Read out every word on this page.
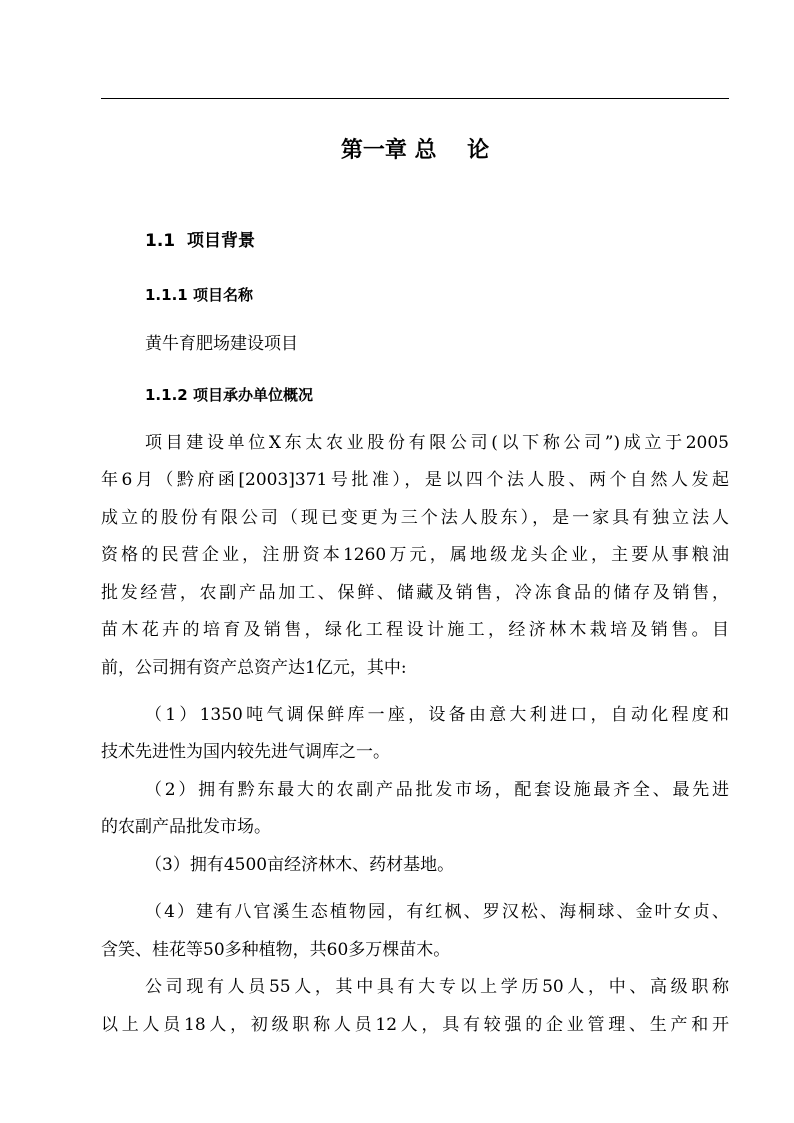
第一章 总    论
1.1 项目背景
1.1.1 项目名称
黄牛育肥场建设项目
1.1.2 项目承办单位概况
项目建设单位X东太农业股份有限公司(以下称公司”)成立于2005
年6月（黔府函[2003]371号批准），是以四个法人股、两个自然人发起
成立的股份有限公司（现已变更为三个法人股东），是一家具有独立法人
资格的民营企业，注册资本1260万元，属地级龙头企业，主要从事粮油
批发经营，农副产品加工、保鲜、储藏及销售，冷冻食品的储存及销售，
苗木花卉的培育及销售，绿化工程设计施工，经济林木栽培及销售。目
前，公司拥有资产总资产达1亿元，其中:
（1）1350吨气调保鲜库一座，设备由意大利进口，自动化程度和
技术先进性为国内较先进气调库之一。
（2）拥有黔东最大的农副产品批发市场，配套设施最齐全、最先进
的农副产品批发市场。
（3）拥有4500亩经济林木、药材基地。
（4）建有八官溪生态植物园，有红枫、罗汉松、海桐球、金叶女贞、
含笑、桂花等50多种植物，共60多万棵苗木。
公司现有人员55人，其中具有大专以上学历50人，中、高级职称
以上人员18人，初级职称人员12人，具有较强的企业管理、生产和开
